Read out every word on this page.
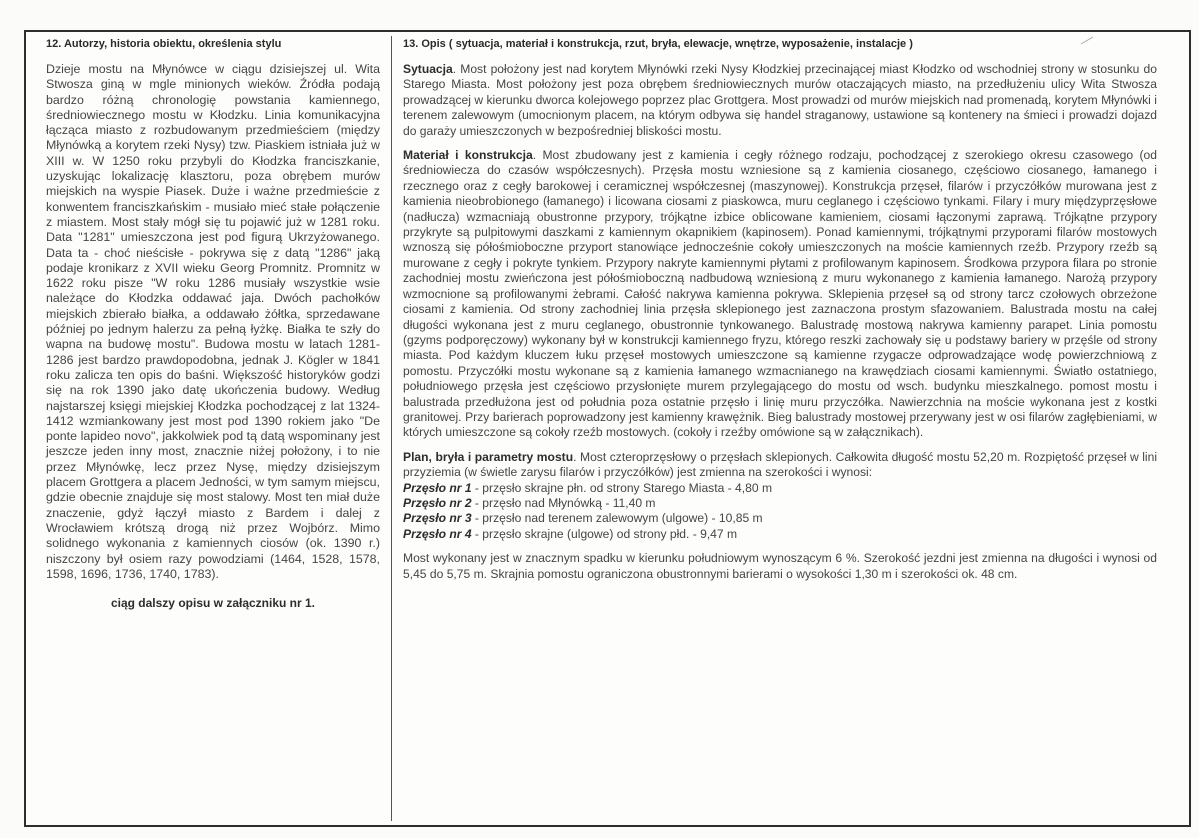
12. Autorzy, historia obiektu, określenia stylu

Dzieje mostu na Młynówce w ciągu dzisiejszej ul. Wita Stwosza giną w mgle minionych wieków. Źródła podają bardzo różną chronologię powstania kamiennego, średniowiecznego mostu w Kłodzku. Linia komunikacyjna łącząca miasto z rozbudowanym przedmieściem (między Młynówką a korytem rzeki Nysy) tzw. Piaskiem istniała już w XIII w. W 1250 roku przybyli do Kłodzka franciszkanie, uzyskując lokalizację klasztoru, poza obrębem murów miejskich na wyspie Piasek. Duże i ważne przedmieście z konwentem franciszkańskim - musiało mieć stałe połączenie z miastem. Most stały mógł się tu pojawić już w 1281 roku. Data "1281" umieszczona jest pod figurą Ukrzyżowanego. Data ta - choć nieścisłe - pokrywa się z datą "1286" jaką podaje kronikarz z XVII wieku Georg Promnitz. Promnitz w 1622 roku pisze "W roku 1286 musiały wszystkie wsie należące do Kłodzka oddawać jaja. Dwóch pachołków miejskich zbierało białka, a oddawało żółtka, sprzedawane później po jednym halerzu za pełną łyżkę. Białka te szły do wapna na budowę mostu". Budowa mostu w latach 1281-1286 jest bardzo prawdopodobna, jednak J. Kögler w 1841 roku zalicza ten opis do baśni. Większość historyków godzi się na rok 1390 jako datę ukończenia budowy. Według najstarszej księgi miejskiej Kłodzka pochodzącej z lat 1324-1412 wzmiankowany jest most pod 1390 rokiem jako "De ponte lapideo novo", jakkolwiek pod tą datą wspominany jest jeszcze jeden inny most, znacznie niżej położony, i to nie przez Młynówkę, lecz przez Nysę, między dzisiejszym placem Grottgera a placem Jedności, w tym samym miejscu, gdzie obecnie znajduje się most stalowy. Most ten miał duże znaczenie, gdyż łączył miasto z Bardem i dalej z Wrocławiem krótszą drogą niż przez Wojbórz. Mimo solidnego wykonania z kamiennych ciosów (ok. 1390 r.) niszczony był osiem razy powodziami (1464, 1528, 1578, 1598, 1696, 1736, 1740, 1783).

ciąg dalszy opisu w załączniku nr 1.

13. Opis ( sytuacja, materiał i konstrukcja, rzut, bryła, elewacje, wnętrze, wyposażenie, instalacje )

Sytuacja. Most położony jest nad korytem Młynówki rzeki Nysy Kłodzkiej przecinającej miast Kłodzko od wschodniej strony w stosunku do Starego Miasta. Most położony jest poza obrębem średniowiecznych murów otaczających miasto, na przedłużeniu ulicy Wita Stwosza prowadzącej w kierunku dworca kolejowego poprzez plac Grottgera. Most prowadzi od murów miejskich nad promenadą, korytem Młynówki i terenem zalewowym (umocnionym placem, na którym odbywa się handel straganowy, ustawione są kontenery na śmieci i prowadzi dojazd do garaży umieszczonych w bezpośredniej bliskości mostu.

Materiał i konstrukcja. Most zbudowany jest z kamienia i cegły różnego rodzaju, pochodzącej z szerokiego okresu czasowego (od średniowiecza do czasów współczesnych). Przęsła mostu wzniesione są z kamienia ciosanego, częściowo ciosanego, łamanego i rzecznego oraz z cegły barokowej i ceramicznej współczesnej (maszynowej). Konstrukcja przęseł, filarów i przyczółków murowana jest z kamienia nieobrobionego (łamanego) i licowana ciosami z piaskowca, muru ceglanego i częściowo tynkami. Filary i mury międzyprzęsłowe (nadłucza) wzmacniają obustronne przypory, trójkątne izbice oblicowane kamieniem, ciosami łączonymi zaprawą. Trójkątne przypory przykryte są pulpitowymi daszkami z kamiennym okapnikiem (kapinosem). Ponad kamiennymi, trójkątnymi przyporami filarów mostowych wznoszą się półośmioboczne przyport stanowiące jednocześnie cokoły umieszczonych na moście kamiennych rzeźb. Przypory rzeźb są murowane z cegły i pokryte tynkiem. Przypory nakryte kamiennymi płytami z profilowanym kapinosem. Środkowa przypora filara po stronie zachodniej mostu zwieńczona jest półośmioboczną nadbudową wzniesioną z muru wykonanego z kamienia łamanego. Narożą przypory wzmocnione są profilowanymi żebrami. Całość nakrywa kamienna pokrywa. Sklepienia przęseł są od strony tarcz czołowych obrzeżone ciosami z kamienia. Od strony zachodniej linia przęsła sklepionego jest zaznaczona prostym sfazowaniem. Balustrada mostu na całej długości wykonana jest z muru ceglanego, obustronnie tynkowanego. Balustradę mostową nakrywa kamienny parapet. Linia pomostu (gzyms podporęczowy) wykonany był w konstrukcji kamiennego fryzu, którego reszki zachowały się u podstawy bariery w przęśle od strony miasta. Pod każdym kluczem łuku przęseł mostowych umieszczone są kamienne rzygacze odprowadzające wodę powierzchniową z pomostu. Przyczółki mostu wykonane są z kamienia łamanego wzmacnianego na krawędziach ciosami kamiennymi. Światło ostatniego, południowego przęsła jest częściowo przysłonięte murem przylegającego do mostu od wsch. budynku mieszkalnego. pomost mostu i balustrada przedłużona jest od południa poza ostatnie przęsło i linię muru przyczółka. Nawierzchnia na moście wykonana jest z kostki granitowej. Przy barierach poprowadzony jest kamienny krawężnik. Bieg balustrady mostowej przerywany jest w osi filarów zagłębieniami, w których umieszczone są cokoły rzeźb mostowych. (cokoły i rzeźby omówione są w załącznikach).

Plan, bryła i parametry mostu. Most czteroprzęsłowy o przęsłach sklepionych. Całkowita długość mostu 52,20 m. Rozpiętość przęseł w lini przyziemia (w świetle zarysu filarów i przyczółków) jest zmienna na szerokości i wynosi:

Przęsło nr 1 - przęsło skrajne płn. od strony Starego Miasta - 4,80 m
Przęsło nr 2 - przęsło nad Młynówką - 11,40 m
Przęsło nr 3 - przęsło nad terenem zalewowym (ulgowe) - 10,85 m
Przęsło nr 4 - przęsło skrajne (ulgowe) od strony płd. - 9,47 m

Most wykonany jest w znacznym spadku w kierunku południowym wynoszącym 6 %. Szerokość jezdni jest zmienna na długości i wynosi od 5,45 do 5,75 m. Skrajnia pomostu ograniczona obustronnymi barierami o wysokości 1,30 m i szerokości ok. 48 cm.
